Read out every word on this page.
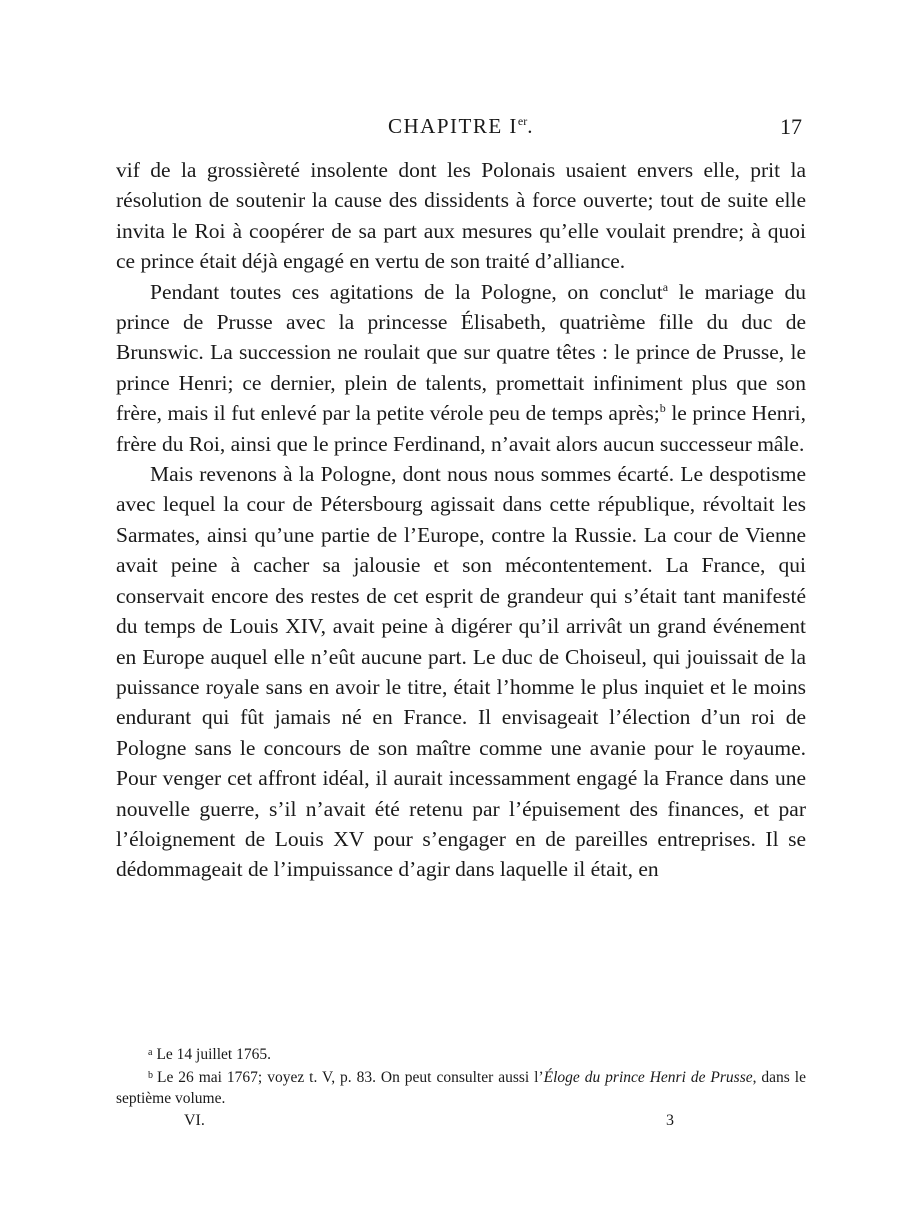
CHAPITRE Ier.	17

vif de la grossièreté insolente dont les Polonais usaient envers elle, prit la résolution de soutenir la cause des dissidents à force ouverte; tout de suite elle invita le Roi à coopérer de sa part aux mesures qu’elle voulait prendre; à quoi ce prince était déjà engagé en vertu de son traité d’alliance.

Pendant toutes ces agitations de la Pologne, on conclut$^a$ le mariage du prince de Prusse avec la princesse Élisabeth, quatrième fille du duc de Brunswic. La succession ne roulait que sur quatre têtes : le prince de Prusse, le prince Henri; ce dernier, plein de talents, promettait infiniment plus que son frère, mais il fut enlevé par la petite vérole peu de temps après;$^b$ le prince Henri, frère du Roi, ainsi que le prince Ferdinand, n’avait alors aucun successeur mâle.

Mais revenons à la Pologne, dont nous nous sommes écarté. Le despotisme avec lequel la cour de Pétersbourg agissait dans cette république, révoltait les Sarmates, ainsi qu’une partie de l’Europe, contre la Russie. La cour de Vienne avait peine à cacher sa jalousie et son mécontentement. La France, qui conservait encore des restes de cet esprit de grandeur qui s’était tant manifesté du temps de Louis XIV, avait peine à digérer qu’il arrivât un grand événement en Europe auquel elle n’eût aucune part. Le duc de Choiseul, qui jouissait de la puissance royale sans en avoir le titre, était l’homme le plus inquiet et le moins endurant qui fût jamais né en France. Il envisageait l’élection d’un roi de Pologne sans le concours de son maître comme une avanie pour le royaume. Pour venger cet affront idéal, il aurait incessamment engagé la France dans une nouvelle guerre, s’il n’avait été retenu par l’épuisement des finances, et par l’éloignement de Louis XV pour s’engager en de pareilles entreprises. Il se dédommageait de l’impuissance d’agir dans laquelle il était, en

$^a$ Le 14 juillet 1765.

$^b$ Le 26 mai 1767; voyez t. V, p. 83. On peut consulter aussi l’Éloge du prince Henri de Prusse, dans le septième volume.

VI.	3
